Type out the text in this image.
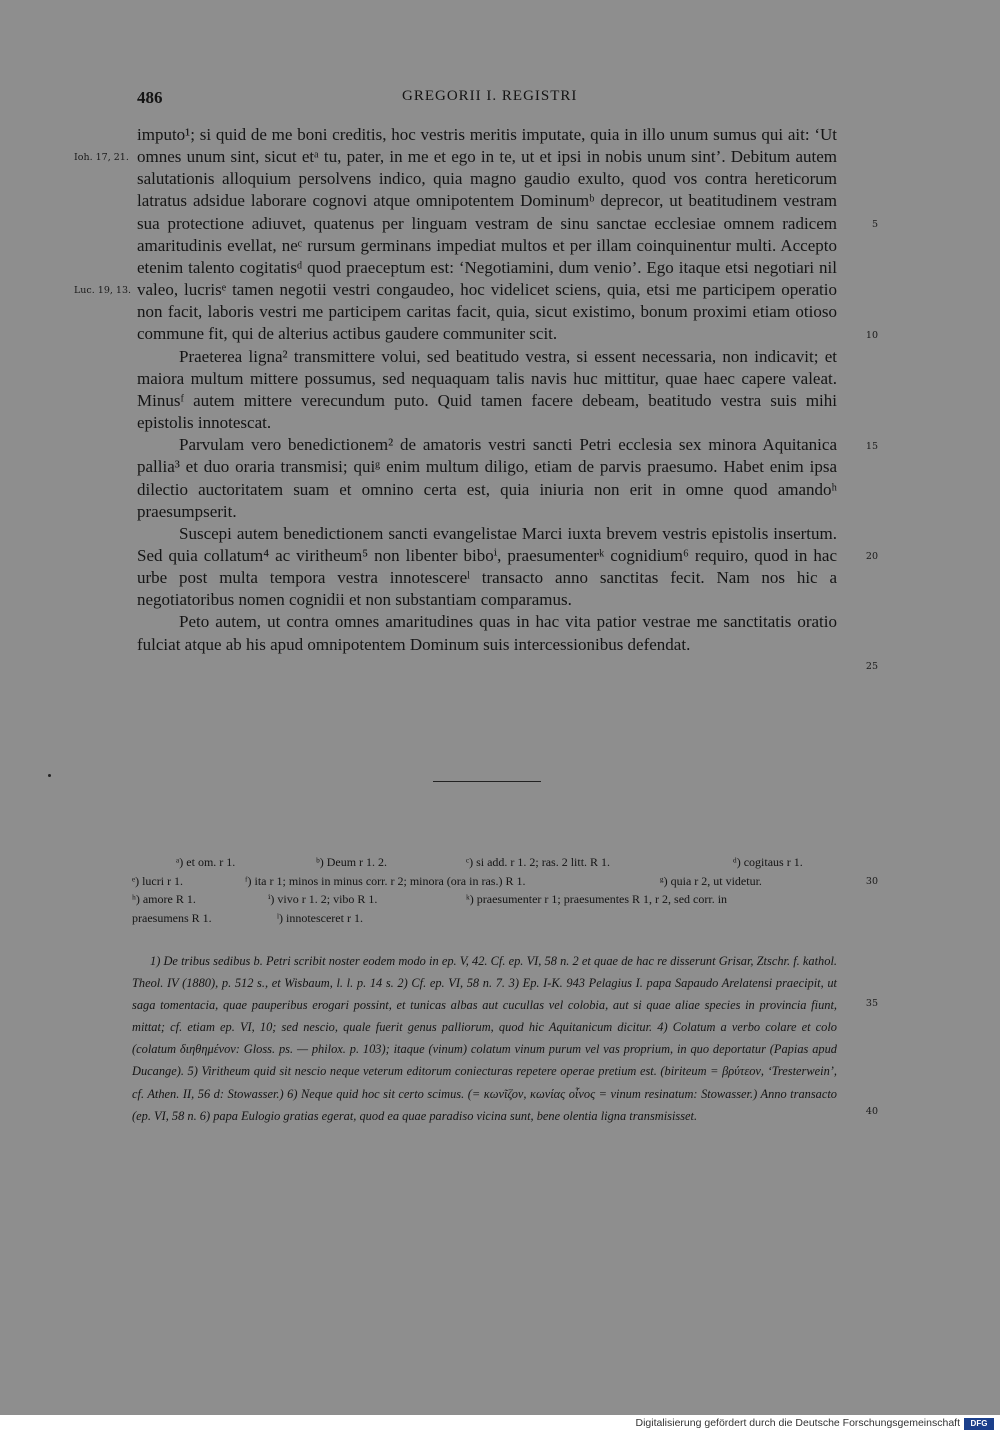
486	GREGORII I. REGISTRI
Ioh. 17, 21.
Luc. 19, 13.

imputo¹; si quid de me boni creditis, hoc vestris meritis imputate, quia in illo unum sumus qui ait: ‘Ut omnes unum sint, sicut etᵃ tu, pater, in me et ego in te, ut et ipsi in nobis unum sint’. Debitum autem salutationis alloquium persolvens indico, quia magno gaudio exulto, quod vos contra hereticorum latratus adsidue laborare cognovi atque omnipotentem Dominumᵇ deprecor, ut beatitudinem vestram sua protectione adiuvet, quatenus per linguam vestram de sinu sanctae ecclesiae omnem radicem amaritudinis evellat, neᶜ rursum germinans impediat multos et per illam coinquinentur multi. Accepto etenim talento cogitatisᵈ quod praeceptum est: ‘Negotiamini, dum venio’. Ego itaque etsi negotiari nil valeo, lucrisᵉ tamen negotii vestri congaudeo, hoc videlicet sciens, quia, etsi me participem operatio non facit, laboris vestri me participem caritas facit, quia, sicut existimo, bonum proximi etiam otioso commune fit, qui de alterius actibus gaudere communiter scit.

Praeterea ligna² transmittere volui, sed beatitudo vestra, si essent necessaria, non indicavit; et maiora multum mittere possumus, sed nequaquam talis navis huc mittitur, quae haec capere valeat. Minusᶠ autem mittere verecundum puto. Quid tamen facere debeam, beatitudo vestra suis mihi epistolis innotescat.

Parvulam vero benedictionem² de amatoris vestri sancti Petri ecclesia sex minora Aquitanica pallia³ et duo oraria transmisi; quiᵍ enim multum diligo, etiam de parvis praesumo. Habet enim ipsa dilectio auctoritatem suam et omnino certa est, quia iniuria non erit in omne quod amandoʰ praesumpserit.

Suscepi autem benedictionem sancti evangelistae Marci iuxta brevem vestris epistolis insertum. Sed quia collatum⁴ ac viritheum⁵ non libenter biboⁱ, praesumenterᵏ cognidium⁶ requiro, quod in hac urbe post multa tempora vestra innotescereˡ transacto anno sanctitas fecit. Nam nos hic a negotiatoribus nomen cognidii et non substantiam comparamus.

Peto autem, ut contra omnes amaritudines quas in hac vita patior vestrae me sanctitatis oratio fulciat atque ab his apud omnipotentem Dominum suis intercessionibus defendat.

5
10
15
20
25
30
35
40
ᵃ) et om. r 1.	ᵇ) Deum r 1. 2.	ᶜ) si add. r 1. 2; ras. 2 litt. R 1.	ᵈ) cogitaus r 1.
ᵉ) lucri r 1.	ᶠ) ita r 1; minos in minus corr. r 2; minora (ora in ras.) R 1.	ᵍ) quia r 2, ut videtur.
ʰ) amore R 1.	ⁱ) vivo r 1. 2; vibo R 1.	ᵏ) praesumenter r 1; praesumentes R 1, r 2, sed corr. in
praesumens R 1.	ˡ) innotesceret r 1.

1) De tribus sedibus b. Petri scribit noster eodem modo in ep. V, 42. Cf. ep. VI, 58 n. 2 et quae de hac re disserunt Grisar, Ztschr. f. kathol. Theol. IV (1880), p. 512 s., et Wisbaum, l. l. p. 14 s. 2) Cf. ep. VI, 58 n. 7. 3) Ep. I-K. 943 Pelagius I. papa Sapaudo Arelatensi praecipit, ut saga tomentacia, quae pauperibus erogari possint, et tunicas albas aut cucullas vel colobia, aut si quae aliae species in provincia fiunt, mittat; cf. etiam ep. VI, 10; sed nescio, quale fuerit genus palliorum, quod hic Aquitanicum dicitur. 4) Colatum a verbo colare et colo (colatum διηθημένον: Gloss. ps. — philox. p. 103); itaque (vinum) colatum vinum purum vel vas proprium, in quo deportatur (Papias apud Ducange). 5) Viritheum quid sit nescio neque veterum editorum coniecturas repetere operae pretium est. (biriteum = βρύτεον, ‘Tresterwein’, cf. Athen. II, 56 d: Stowasser.) 6) Neque quid hoc sit certo scimus. (= κωνῖζον, κωνίας οἶνος = vinum resinatum: Stowasser.) Anno transacto (ep. VI, 58 n. 6) papa Eulogio gratias egerat, quod ea quae paradiso vicina sunt, bene olentia ligna transmisisset.

Digitalisierung gefördert durch die Deutsche Forschungsgemeinschaft	DFG
